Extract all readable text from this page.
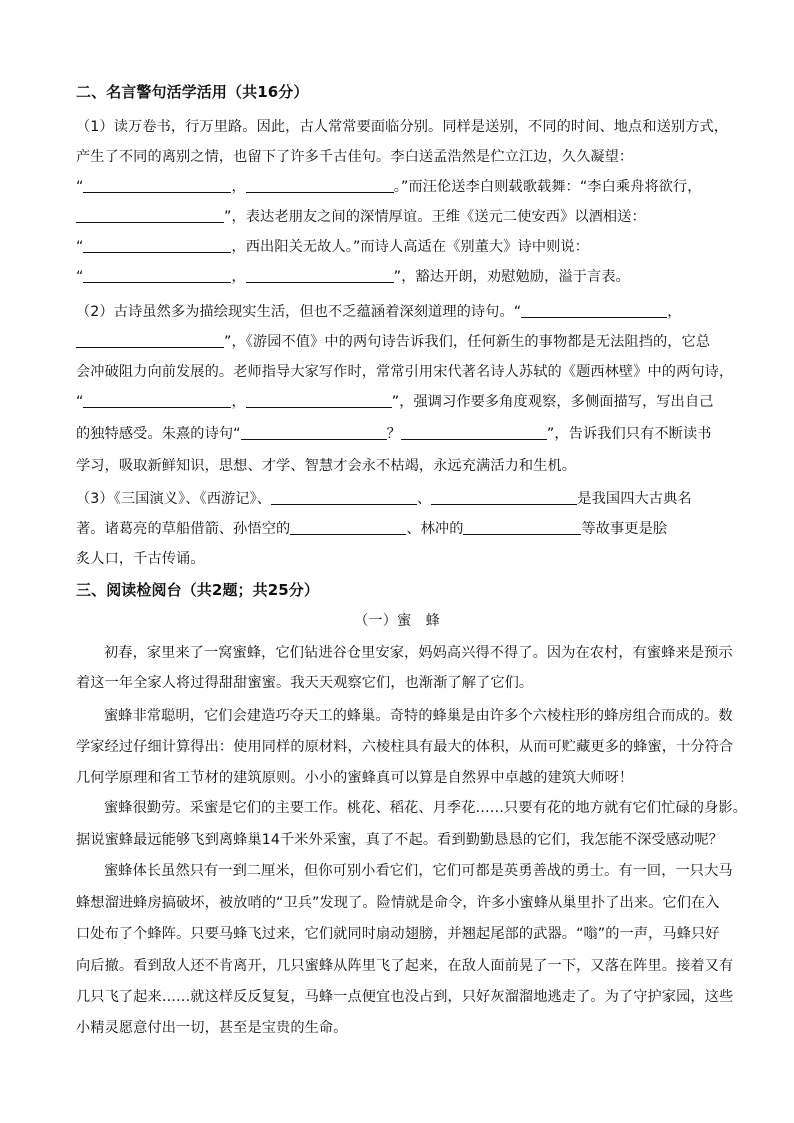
二、名言警句活学活用（共16分）
（1）读万卷书，行万里路。因此，古人常常要面临分别。同样是送别，不同的时间、地点和送别方式，
产生了不同的离别之情，也留下了许多千古佳句。李白送孟浩然是伫立江边，久久凝望：
“	，	。”而汪伦送李白则载歌载舞：“李白乘舟将欲行，
”，表达老朋友之间的深情厚谊。王维《送元二使安西》以酒相送：
“	，西出阳关无故人。”而诗人高适在《别董大》诗中则说：
“	，	”，豁达开朗，劝慰勉励，溢于言表。
（2）古诗虽然多为描绘现实生活，但也不乏蕴涵着深刻道理的诗句。“	，
”，《游园不值》中的两句诗告诉我们，任何新生的事物都是无法阻挡的，它总
会冲破阻力向前发展的。老师指导大家写作时，常常引用宋代著名诗人苏轼的《题西林壁》中的两句诗，
“	，	”，强调习作要多角度观察，多侧面描写，写出自己
的独特感受。朱熹的诗句“	？	”，告诉我们只有不断读书
学习，吸取新鲜知识，思想、才学、智慧才会永不枯竭，永远充满活力和生机。
（3）《三国演义》、《西游记》、	、	是我国四大古典名
著。诸葛亮的草船借箭、孙悟空的	、林冲的	等故事更是脍
炙人口，千古传诵。
三、阅读检阅台（共2题；共25分）
（一）蜜　蜂
初春，家里来了一窝蜜蜂，它们钻进谷仓里安家，妈妈高兴得不得了。因为在农村，有蜜蜂来是预示
着这一年全家人将过得甜甜蜜蜜。我天天观察它们，也渐渐了解了它们。
蜜蜂非常聪明，它们会建造巧夺天工的蜂巢。奇特的蜂巢是由许多个六棱柱形的蜂房组合而成的。数
学家经过仔细计算得出：使用同样的原材料，六棱柱具有最大的体积，从而可贮藏更多的蜂蜜，十分符合
几何学原理和省工节材的建筑原则。小小的蜜蜂真可以算是自然界中卓越的建筑大师呀！
蜜蜂很勤劳。采蜜是它们的主要工作。桃花、稻花、月季花……只要有花的地方就有它们忙碌的身影。
据说蜜蜂最远能够飞到离蜂巢14千米外采蜜，真了不起。看到勤勤恳恳的它们，我怎能不深受感动呢？
蜜蜂体长虽然只有一到二厘米，但你可别小看它们，它们可都是英勇善战的勇士。有一回，一只大马
蜂想溜进蜂房搞破坏，被放哨的“卫兵”发现了。险情就是命令，许多小蜜蜂从巢里扑了出来。它们在入
口处布了个蜂阵。只要马蜂飞过来，它们就同时扇动翅膀，并翘起尾部的武器。“嗡”的一声，马蜂只好
向后撤。看到敌人还不肯离开，几只蜜蜂从阵里飞了起来，在敌人面前晃了一下，又落在阵里。接着又有
几只飞了起来……就这样反反复复，马蜂一点便宜也没占到，只好灰溜溜地逃走了。为了守护家园，这些
小精灵愿意付出一切，甚至是宝贵的生命。
